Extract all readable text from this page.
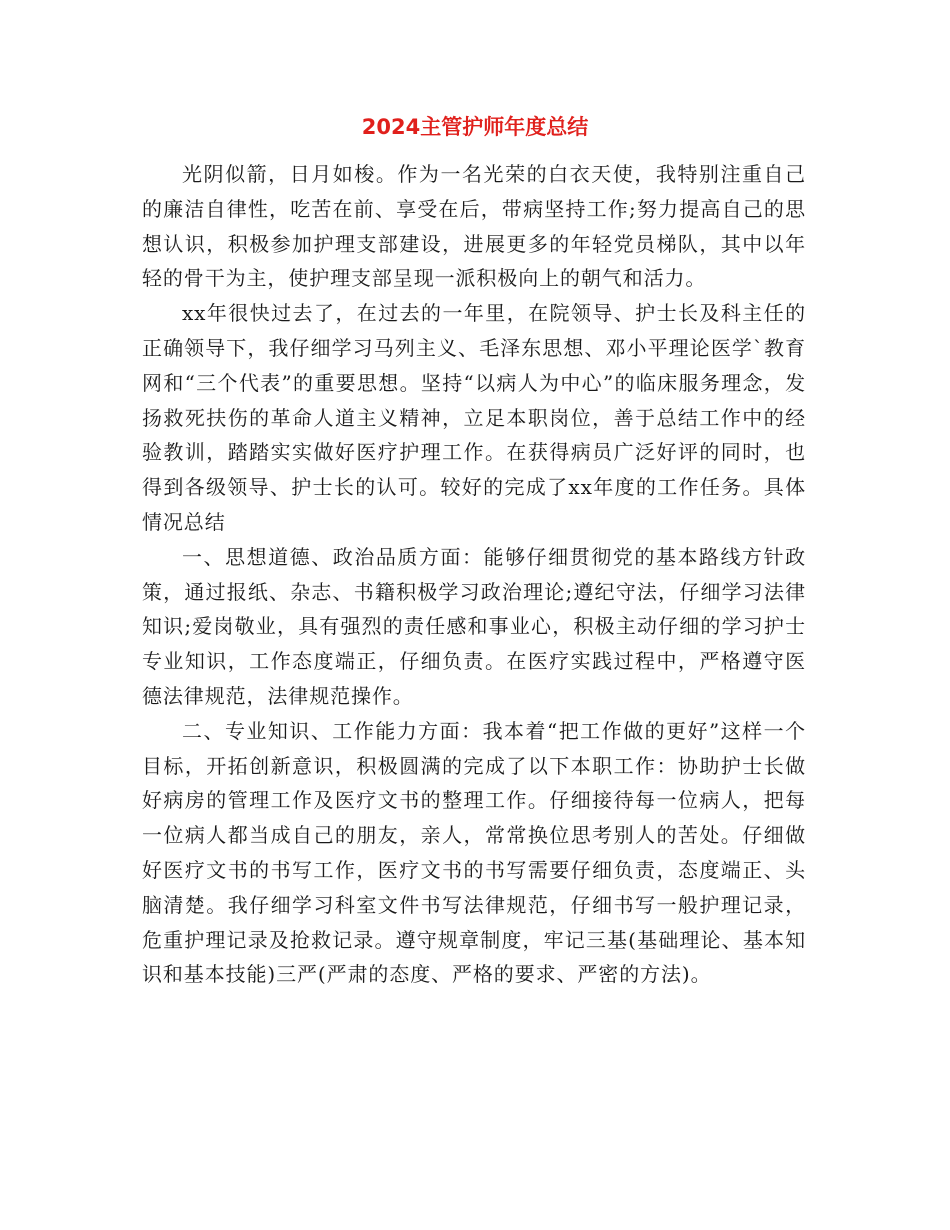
2024主管护师年度总结

光阴似箭，日月如梭。作为一名光荣的白衣天使，我特别注重自己的廉洁自律性，吃苦在前、享受在后，带病坚持工作;努力提高自己的思想认识，积极参加护理支部建设，进展更多的年轻党员梯队，其中以年轻的骨干为主，使护理支部呈现一派积极向上的朝气和活力。

xx年很快过去了，在过去的一年里，在院领导、护士长及科主任的正确领导下，我仔细学习马列主义、毛泽东思想、邓小平理论医学`教育网和“三个代表”的重要思想。坚持“以病人为中心”的临床服务理念，发扬救死扶伤的革命人道主义精神，立足本职岗位，善于总结工作中的经验教训，踏踏实实做好医疗护理工作。在获得病员广泛好评的同时，也得到各级领导、护士长的认可。较好的完成了xx年度的工作任务。具体情况总结

一、思想道德、政治品质方面：能够仔细贯彻党的基本路线方针政策，通过报纸、杂志、书籍积极学习政治理论;遵纪守法，仔细学习法律知识;爱岗敬业，具有强烈的责任感和事业心，积极主动仔细的学习护士专业知识，工作态度端正，仔细负责。在医疗实践过程中，严格遵守医德法律规范，法律规范操作。

二、专业知识、工作能力方面：我本着“把工作做的更好”这样一个目标，开拓创新意识，积极圆满的完成了以下本职工作：协助护士长做好病房的管理工作及医疗文书的整理工作。仔细接待每一位病人，把每一位病人都当成自己的朋友，亲人，常常换位思考别人的苦处。仔细做好医疗文书的书写工作，医疗文书的书写需要仔细负责，态度端正、头脑清楚。我仔细学习科室文件书写法律规范，仔细书写一般护理记录，危重护理记录及抢救记录。遵守规章制度，牢记三基(基础理论、基本知识和基本技能)三严(严肃的态度、严格的要求、严密的方法)。
